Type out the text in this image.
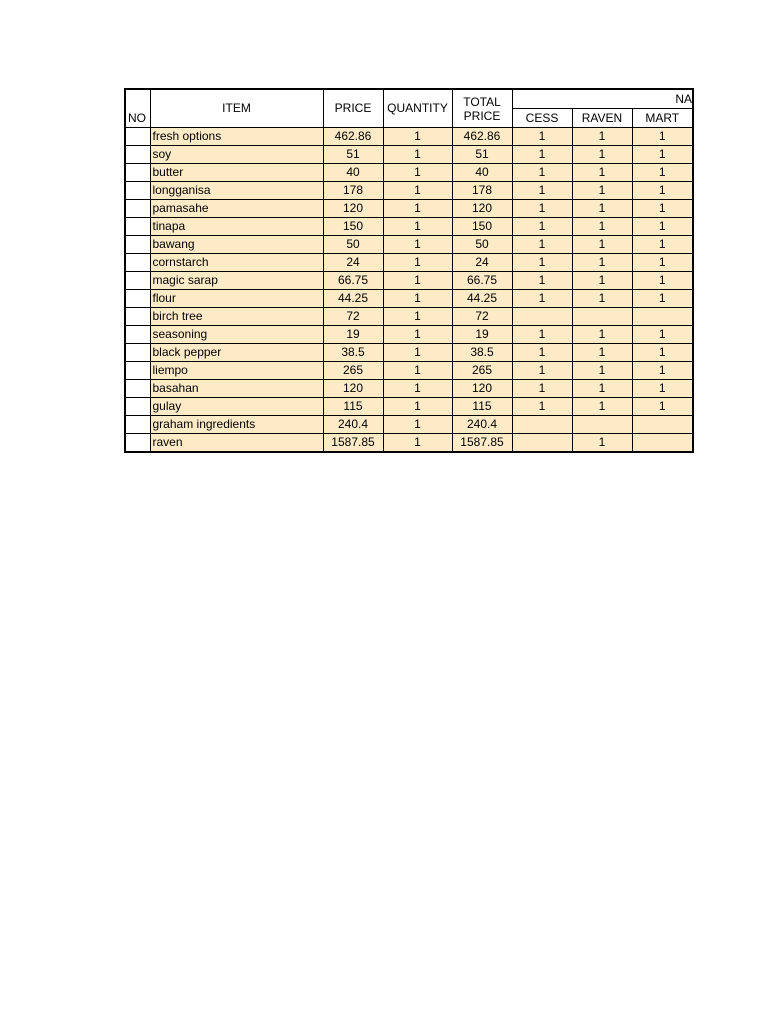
NO	ITEM	PRICE	QUANTITY	TOTAL
PRICE	NA		
					CESS	RAVEN	MART
	fresh options	462.86	1	462.86	1	1	1
	soy	51	1	51	1	1	1
	butter	40	1	40	1	1	1
	longganisa	178	1	178	1	1	1
	pamasahe	120	1	120	1	1	1
	tinapa	150	1	150	1	1	1
	bawang	50	1	50	1	1	1
	cornstarch	24	1	24	1	1	1
	magic sarap	66.75	1	66.75	1	1	1
	flour	44.25	1	44.25	1	1	1
	birch tree	72	1	72			
	seasoning	19	1	19	1	1	1
	black pepper	38.5	1	38.5	1	1	1
	liempo	265	1	265	1	1	1
	basahan	120	1	120	1	1	1
	gulay	115	1	115	1	1	1
	graham ingredients	240.4	1	240.4			
	raven	1587.85	1	1587.85		1	
